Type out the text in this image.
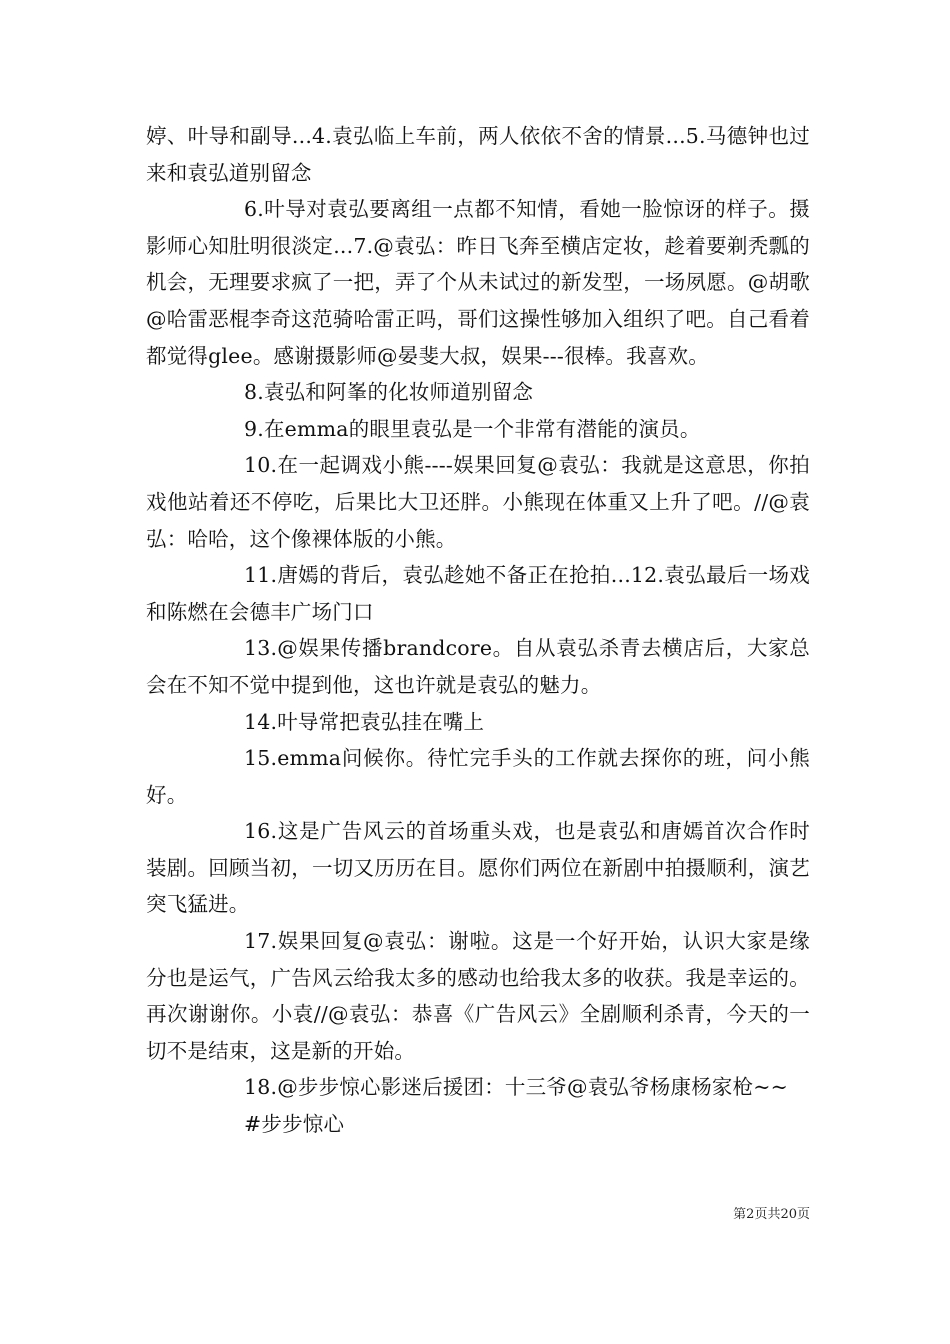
婷、叶导和副导...4.袁弘临上车前，两人依依不舍的情景...5.马德钟也过来和袁弘道别留念

6.叶导对袁弘要离组一点都不知情，看她一脸惊讶的样子。摄影师心知肚明很淡定...7.@袁弘：昨日飞奔至横店定妆，趁着要剃秃瓢的机会，无理要求疯了一把，弄了个从未试过的新发型，一场夙愿。@胡歌@哈雷恶棍李奇这范骑哈雷正吗，哥们这操性够加入组织了吧。自己看着都觉得glee。感谢摄影师@晏斐大叔，娱果---很棒。我喜欢。

8.袁弘和阿峯的化妆师道别留念

9.在emma的眼里袁弘是一个非常有潜能的演员。

10.在一起调戏小熊----娱果回复@袁弘：我就是这意思，你拍戏他站着还不停吃，后果比大卫还胖。小熊现在体重又上升了吧。//@袁弘：哈哈，这个像裸体版的小熊。

11.唐嫣的背后，袁弘趁她不备正在抢拍...12.袁弘最后一场戏和陈燃在会德丰广场门口

13.@娱果传播brandcore。自从袁弘杀青去横店后，大家总会在不知不觉中提到他，这也许就是袁弘的魅力。

14.叶导常把袁弘挂在嘴上

15.emma问候你。待忙完手头的工作就去探你的班，问小熊好。

16.这是广告风云的首场重头戏，也是袁弘和唐嫣首次合作时装剧。回顾当初，一切又历历在目。愿你们两位在新剧中拍摄顺利，演艺突飞猛进。

17.娱果回复@袁弘：谢啦。这是一个好开始，认识大家是缘分也是运气，广告风云给我太多的感动也给我太多的收获。我是幸运的。再次谢谢你。小袁//@袁弘：恭喜《广告风云》全剧顺利杀青，今天的一切不是结束，这是新的开始。

18.@步步惊心影迷后援团：十三爷@袁弘爷杨康杨家枪~~

#步步惊心

第2页共20页
